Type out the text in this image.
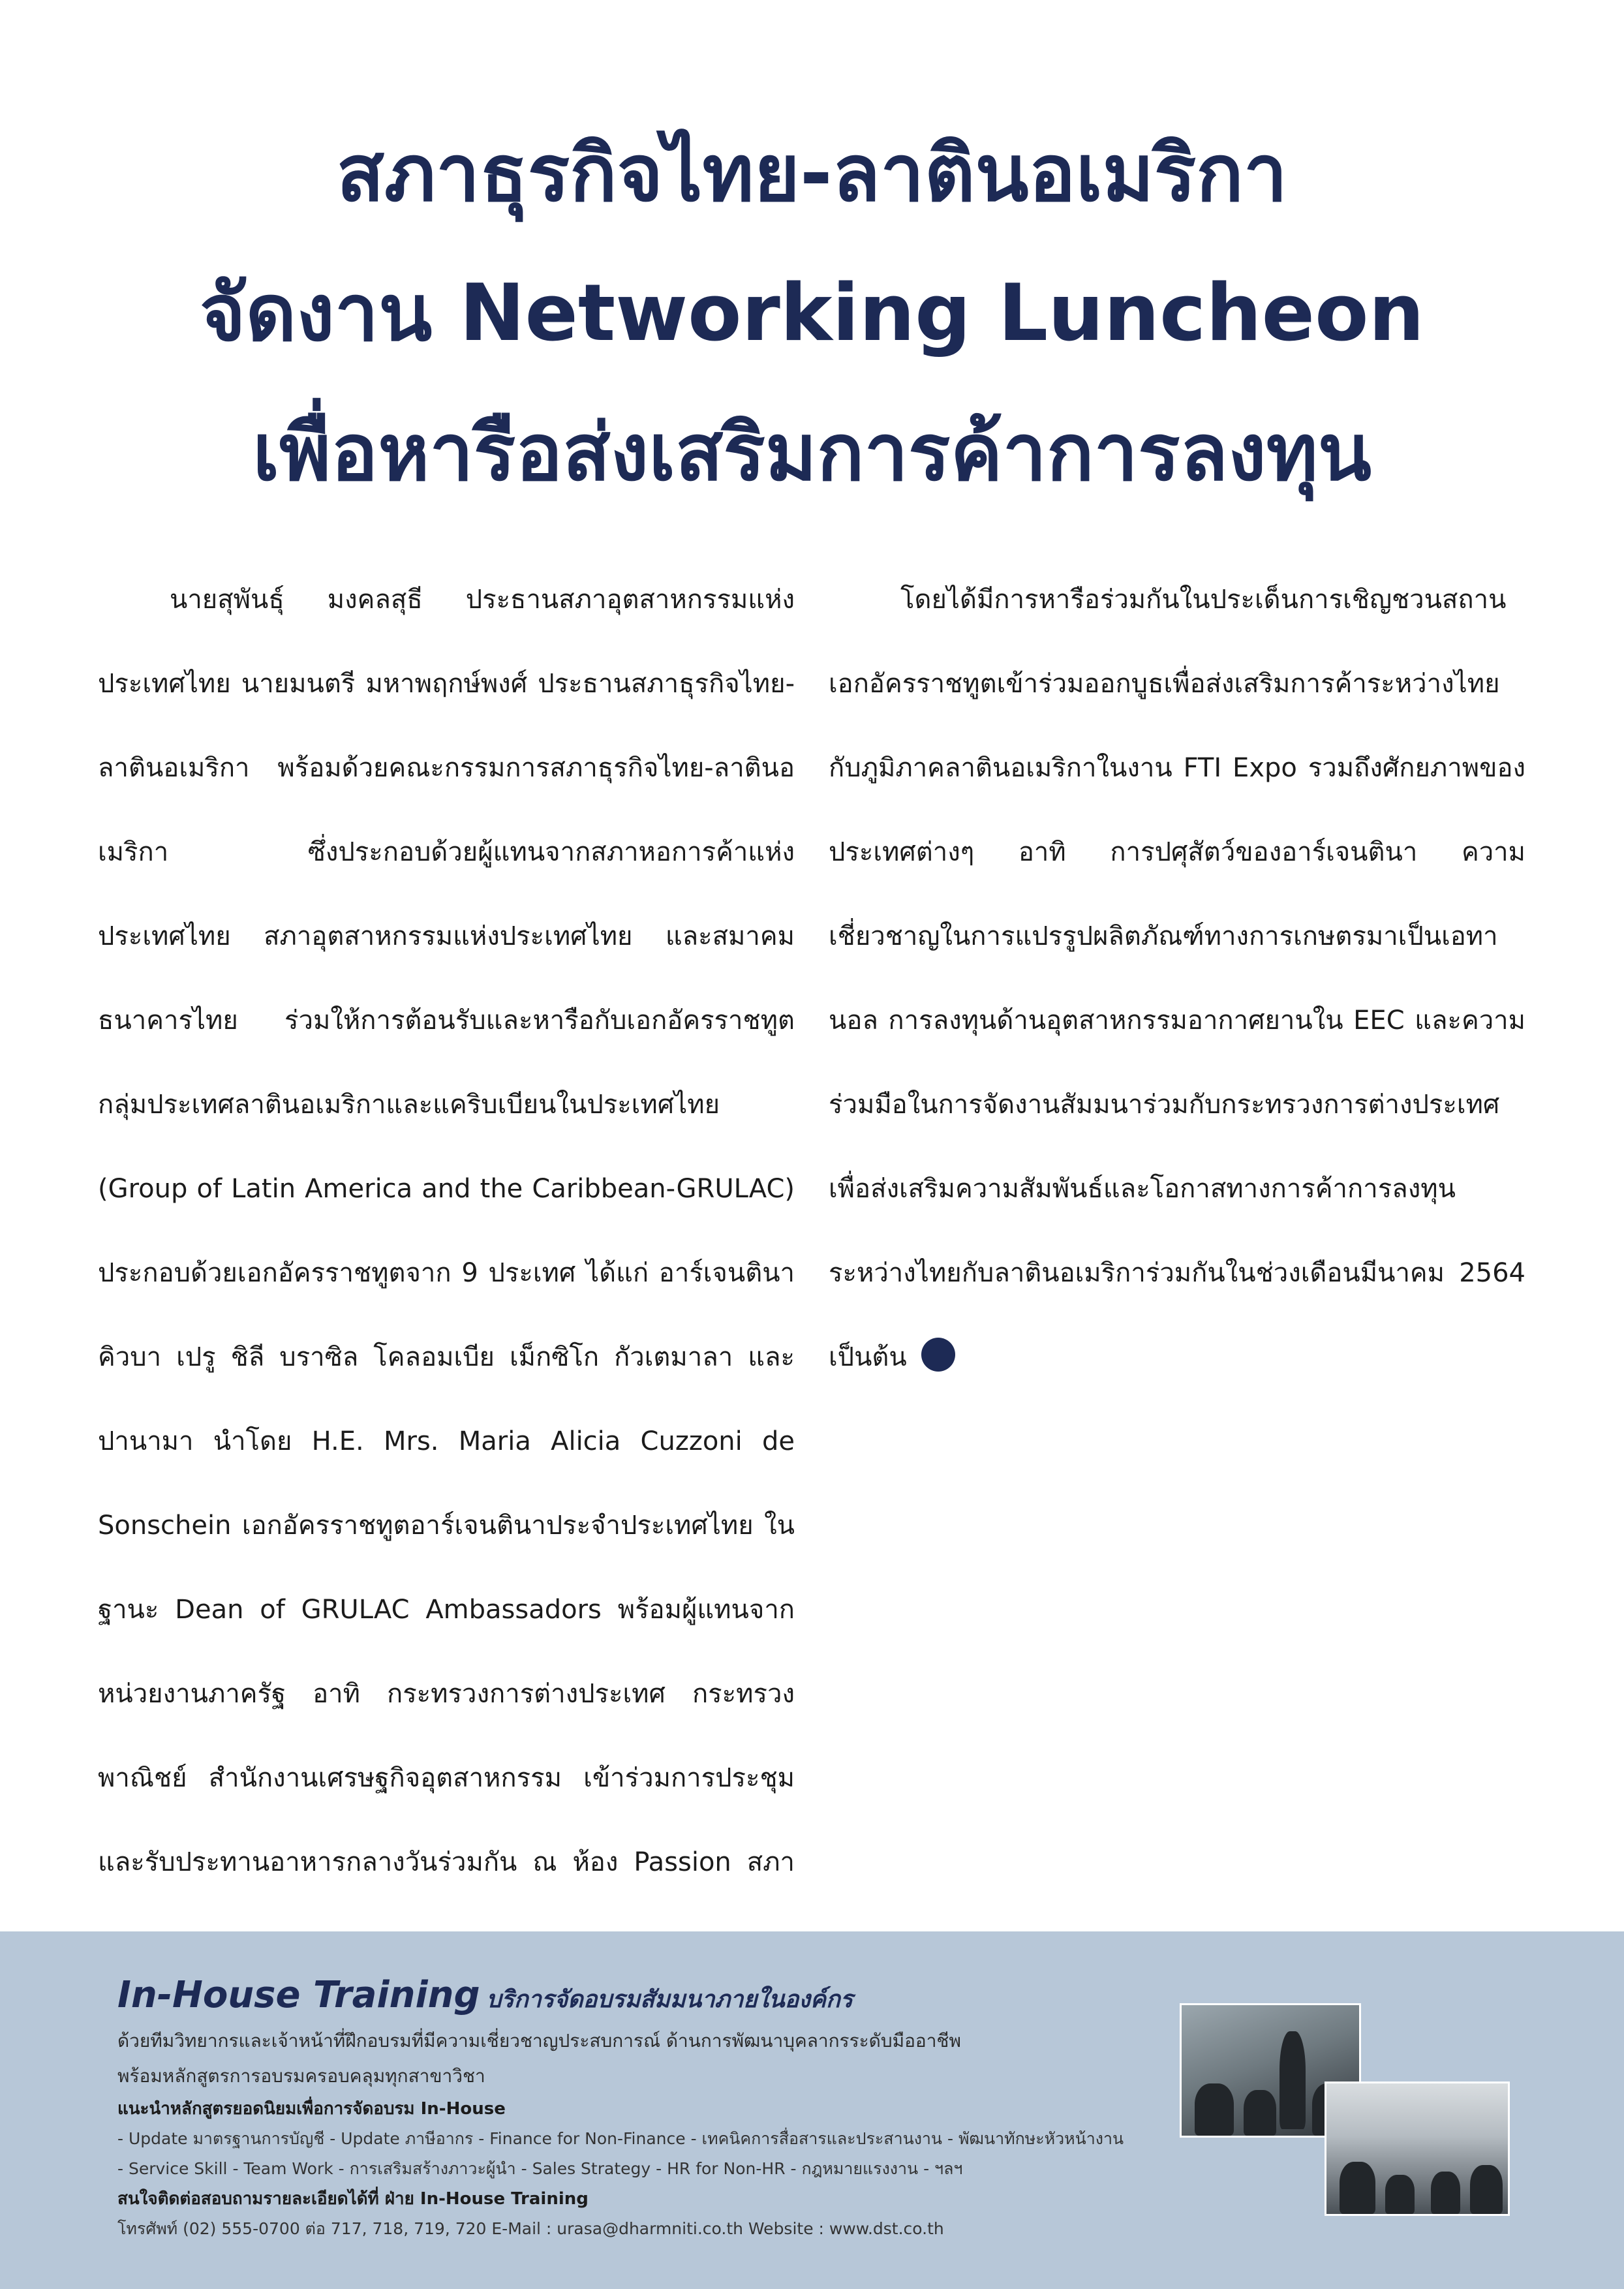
สภาธุรกิจไทย-ลาตินอเมริกา
จัดงาน Networking Luncheon
เพื่อหารือส่งเสริมการค้าการลงทุน

นายสุพันธุ์ มงคลสุธี ประธานสภาอุตสาหกรรมแห่งประเทศไทย นายมนตรี มหาพฤกษ์พงศ์ ประธานสภาธุรกิจไทย-ลาตินอเมริกา พร้อมด้วยคณะกรรมการสภาธุรกิจไทย-ลาตินอเมริกา ซึ่งประกอบด้วยผู้แทนจากสภาหอการค้าแห่งประเทศไทย สภาอุตสาหกรรมแห่งประเทศไทย และสมาคมธนาคารไทย ร่วมให้การต้อนรับและหารือกับเอกอัครราชทูตกลุ่มประเทศลาตินอเมริกาและแคริบเบียนในประเทศไทย (Group of Latin America and the Caribbean-GRULAC) ประกอบด้วยเอกอัครราชทูตจาก 9 ประเทศ ได้แก่ อาร์เจนตินา คิวบา เปรู ชิลี บราซิล โคลอมเบีย เม็กซิโก กัวเตมาลา และปานามา นำโดย H.E. Mrs. Maria Alicia Cuzzoni de Sonschein เอกอัครราชทูตอาร์เจนตินาประจำประเทศไทย ในฐานะ Dean of GRULAC Ambassadors พร้อมผู้แทนจากหน่วยงานภาครัฐ อาทิ กระทรวงการต่างประเทศ กระทรวงพาณิชย์ สำนักงานเศรษฐกิจอุตสาหกรรม เข้าร่วมการประชุมและรับประทานอาหารกลางวันร่วมกัน ณ ห้อง Passion สภา

โดยได้มีการหารือร่วมกันในประเด็นการเชิญชวนสถานเอกอัครราชทูตเข้าร่วมออกบูธเพื่อส่งเสริมการค้าระหว่างไทยกับภูมิภาคลาตินอเมริกาในงาน FTI Expo รวมถึงศักยภาพของประเทศต่างๆ อาทิ การปศุสัตว์ของอาร์เจนตินา ความเชี่ยวชาญในการแปรรูปผลิตภัณฑ์ทางการเกษตรมาเป็นเอทานอล การลงทุนด้านอุตสาหกรรมอากาศยานใน EEC และความร่วมมือในการจัดงานสัมมนาร่วมกับกระทรวงการต่างประเทศเพื่อส่งเสริมความสัมพันธ์และโอกาสทางการค้าการลงทุนระหว่างไทยกับลาตินอเมริการ่วมกันในช่วงเดือนมีนาคม 2564 เป็นต้น

In-House Training บริการจัดอบรมสัมมนาภายในองค์กร
ด้วยทีมวิทยากรและเจ้าหน้าที่ฝึกอบรมที่มีความเชี่ยวชาญประสบการณ์ ด้านการพัฒนาบุคลากรระดับมืออาชีพ
พร้อมหลักสูตรการอบรมครอบคลุมทุกสาขาวิชา
แนะนำหลักสูตรยอดนิยมเพื่อการจัดอบรม In-House
- Update มาตรฐานการบัญชี - Update ภาษีอากร - Finance for Non-Finance - เทคนิคการสื่อสารและประสานงาน - พัฒนาทักษะหัวหน้างาน
- Service Skill - Team Work - การเสริมสร้างภาวะผู้นำ - Sales Strategy - HR for Non-HR - กฎหมายแรงงาน - ฯลฯ
สนใจติดต่อสอบถามรายละเอียดได้ที่ ฝ่าย In-House Training
โทรศัพท์ (02) 555-0700 ต่อ 717, 718, 719, 720 E-Mail : urasa@dharmniti.co.th Website : www.dst.co.th
